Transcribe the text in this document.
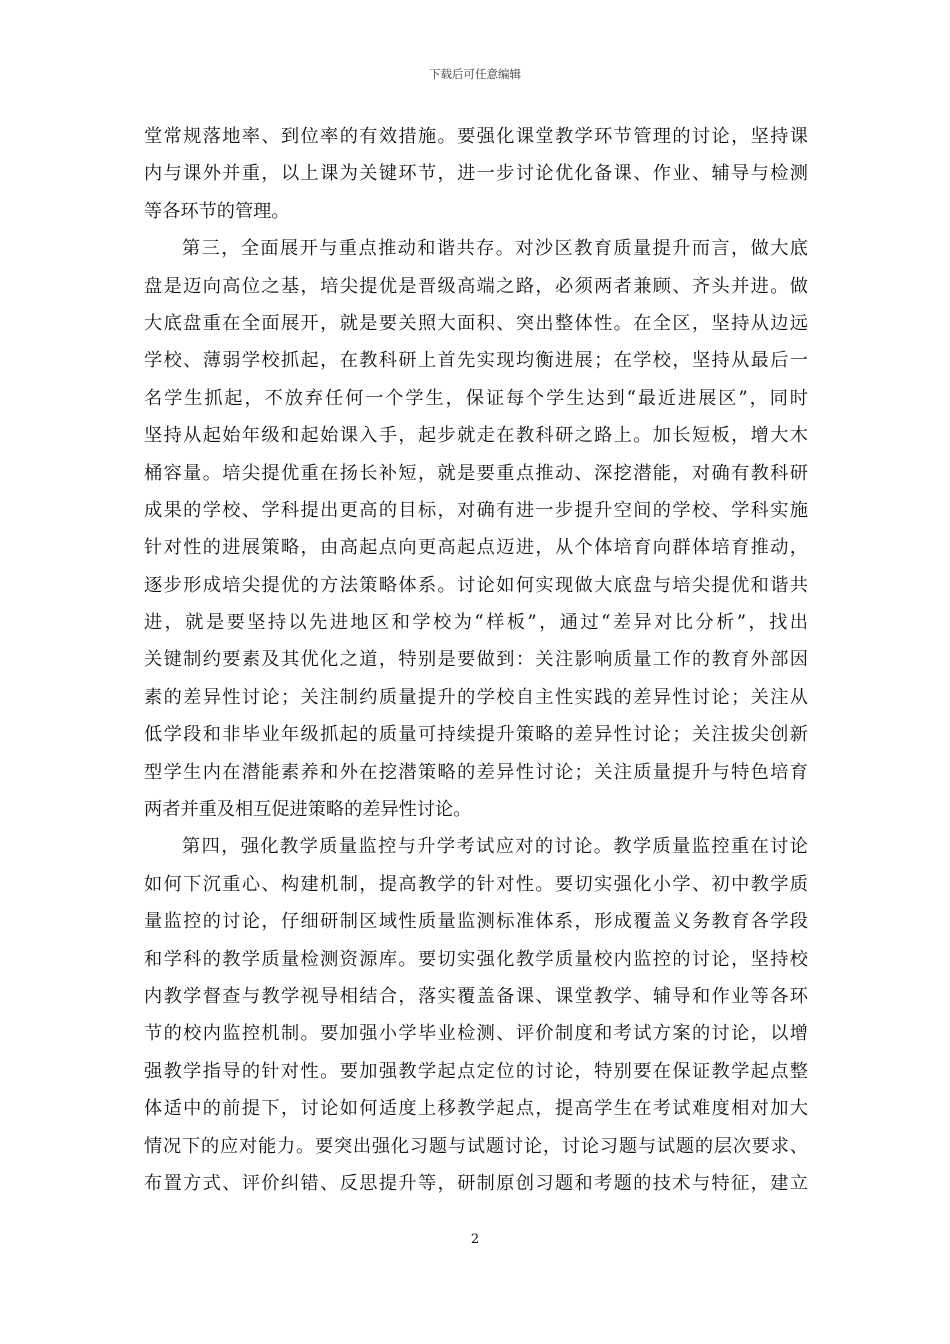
下载后可任意编辑
堂常规落地率、到位率的有效措施。要强化课堂教学环节管理的讨论，坚持课
内与课外并重，以上课为关键环节，进一步讨论优化备课、作业、辅导与检测
等各环节的管理。
第三，全面展开与重点推动和谐共存。对沙区教育质量提升而言，做大底
盘是迈向高位之基，培尖提优是晋级高端之路，必须两者兼顾、齐头并进。做
大底盘重在全面展开，就是要关照大面积、突出整体性。在全区，坚持从边远
学校、薄弱学校抓起，在教科研上首先实现均衡进展；在学校，坚持从最后一
名学生抓起，不放弃任何一个学生，保证每个学生达到“最近进展区”，同时
坚持从起始年级和起始课入手，起步就走在教科研之路上。加长短板，增大木
桶容量。培尖提优重在扬长补短，就是要重点推动、深挖潜能，对确有教科研
成果的学校、学科提出更高的目标，对确有进一步提升空间的学校、学科实施
针对性的进展策略，由高起点向更高起点迈进，从个体培育向群体培育推动，
逐步形成培尖提优的方法策略体系。讨论如何实现做大底盘与培尖提优和谐共
进，就是要坚持以先进地区和学校为“样板”，通过“差异对比分析”，找出
关键制约要素及其优化之道，特别是要做到：关注影响质量工作的教育外部因
素的差异性讨论；关注制约质量提升的学校自主性实践的差异性讨论；关注从
低学段和非毕业年级抓起的质量可持续提升策略的差异性讨论；关注拔尖创新
型学生内在潜能素养和外在挖潜策略的差异性讨论；关注质量提升与特色培育
两者并重及相互促进策略的差异性讨论。
第四，强化教学质量监控与升学考试应对的讨论。教学质量监控重在讨论
如何下沉重心、构建机制，提高教学的针对性。要切实强化小学、初中教学质
量监控的讨论，仔细研制区域性质量监测标准体系，形成覆盖义务教育各学段
和学科的教学质量检测资源库。要切实强化教学质量校内监控的讨论，坚持校
内教学督查与教学视导相结合，落实覆盖备课、课堂教学、辅导和作业等各环
节的校内监控机制。要加强小学毕业检测、评价制度和考试方案的讨论，以增
强教学指导的针对性。要加强教学起点定位的讨论，特别要在保证教学起点整
体适中的前提下，讨论如何适度上移教学起点，提高学生在考试难度相对加大
情况下的应对能力。要突出强化习题与试题讨论，讨论习题与试题的层次要求、
布置方式、评价纠错、反思提升等，研制原创习题和考题的技术与特征，建立
2
